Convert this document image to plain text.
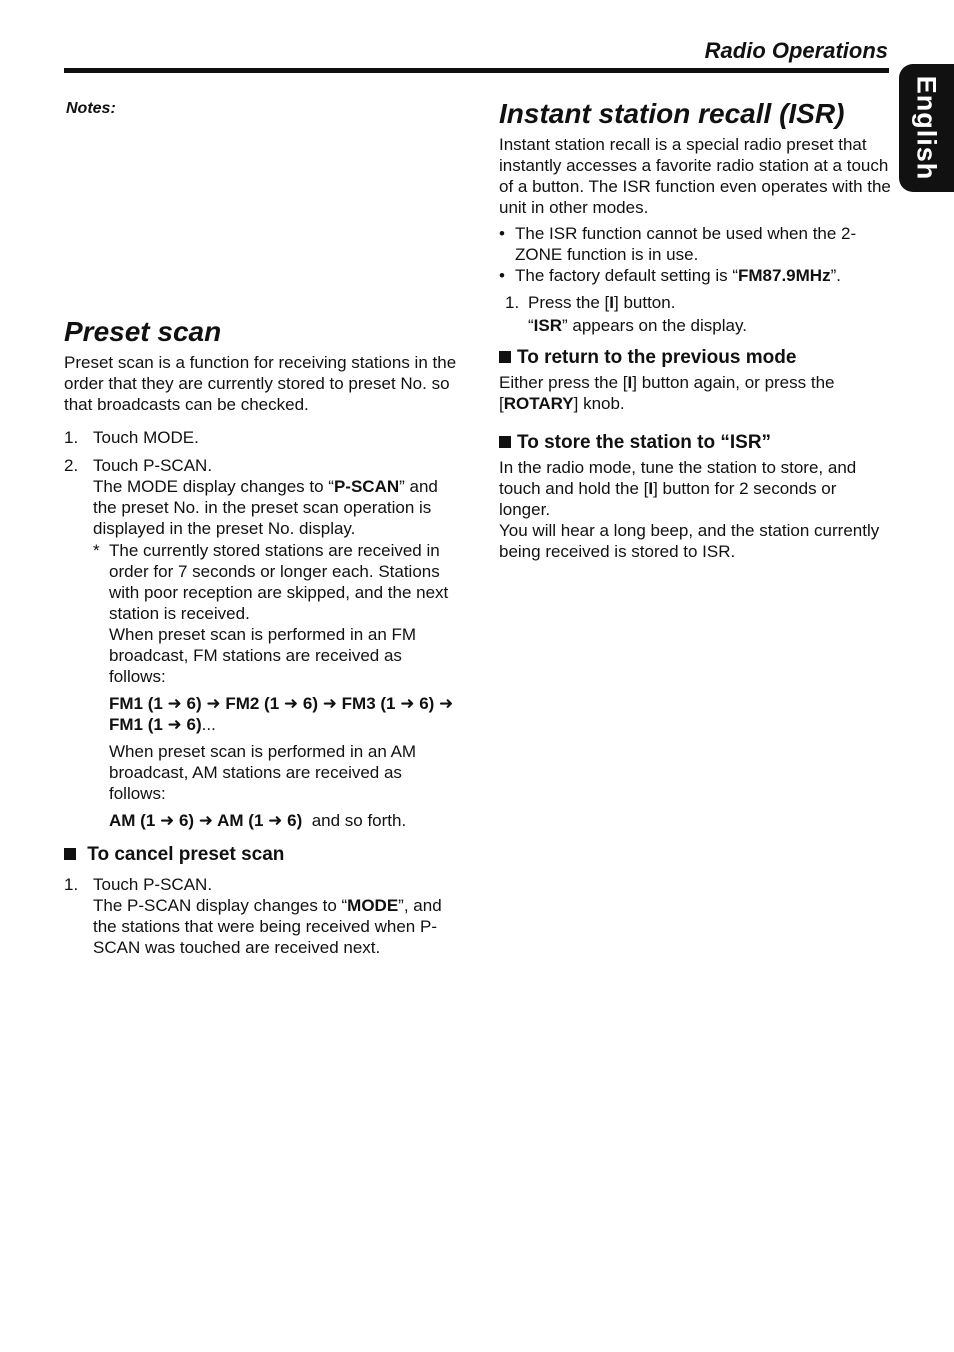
Radio Operations
English
Notes:
Preset scan

Preset scan is a function for receiving stations in the order that they are currently stored to preset No. so that broadcasts can be checked.

1. Touch MODE.
2. Touch P-SCAN.

The MODE display changes to “P-SCAN” and the preset No. in the preset scan operation is displayed in the preset No. display.

* The currently stored stations are received in order for 7 seconds or longer each. Stations with poor reception are skipped, and the next station is received.

When preset scan is performed in an FM broadcast, FM stations are received as follows:

FM1 (1 ➜ 6) ➜ FM2 (1 ➜ 6) ➜ FM3 (1 ➜ 6) ➜ FM1 (1 ➜ 6)...

When preset scan is performed in an AM broadcast, AM stations are received as follows:

AM (1 ➜ 6) ➜ AM (1 ➜ 6) and so forth.

To cancel preset scan
1. Touch P-SCAN.

The P-SCAN display changes to “MODE”, and the stations that were being received when P-SCAN was touched are received next.

Instant station recall (ISR)

Instant station recall is a special radio preset that instantly accesses a favorite radio station at a touch of a button. The ISR function even operates with the unit in other modes.

• The ISR function cannot be used when the 2-ZONE function is in use.
• The factory default setting is “FM87.9MHz”.
1. Press the [I] button.

“ISR” appears on the display.

To return to the previous mode

Either press the [I] button again, or press the [ROTARY] knob.

To store the station to “ISR”

In the radio mode, tune the station to store, and touch and hold the [I] button for 2 seconds or longer.

You will hear a long beep, and the station currently being received is stored to ISR.
